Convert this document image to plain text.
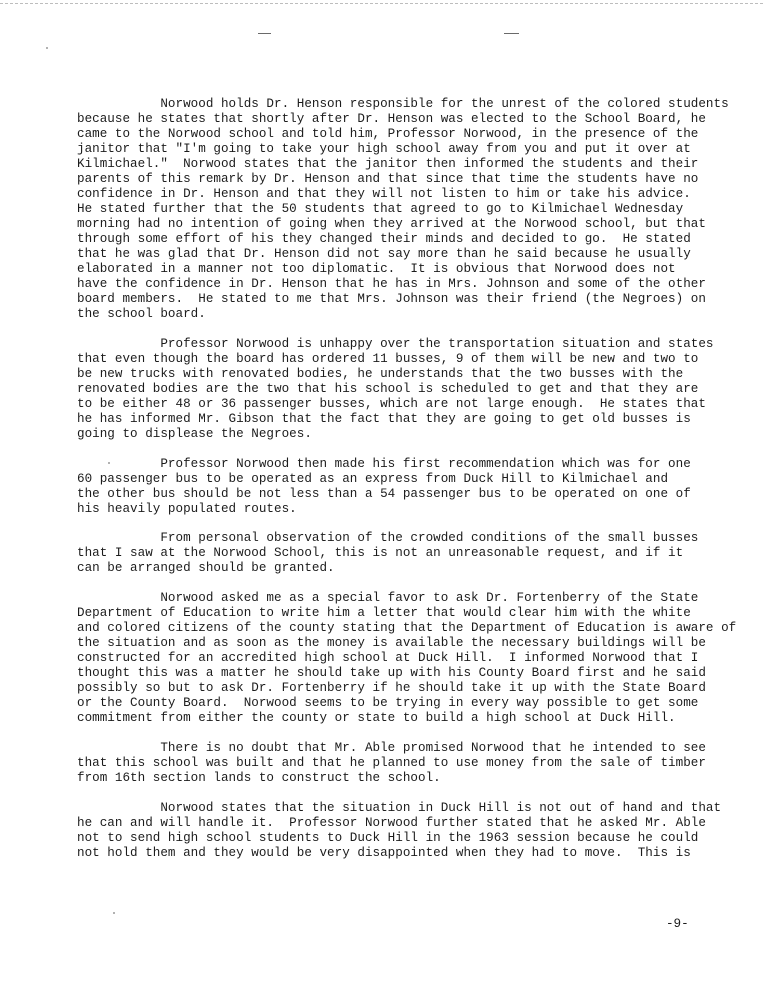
Norwood holds Dr. Henson responsible for the unrest of the colored students
because he states that shortly after Dr. Henson was elected to the School Board, he
came to the Norwood school and told him, Professor Norwood, in the presence of the
janitor that "I'm going to take your high school away from you and put it over at
Kilmichael."  Norwood states that the janitor then informed the students and their
parents of this remark by Dr. Henson and that since that time the students have no
confidence in Dr. Henson and that they will not listen to him or take his advice.
He stated further that the 50 students that agreed to go to Kilmichael Wednesday
morning had no intention of going when they arrived at the Norwood school, but that
through some effort of his they changed their minds and decided to go.  He stated
that he was glad that Dr. Henson did not say more than he said because he usually
elaborated in a manner not too diplomatic.  It is obvious that Norwood does not
have the confidence in Dr. Henson that he has in Mrs. Johnson and some of the other
board members.  He stated to me that Mrs. Johnson was their friend (the Negroes) on
the school board.

Professor Norwood is unhappy over the transportation situation and states
that even though the board has ordered 11 busses, 9 of them will be new and two to
be new trucks with renovated bodies, he understands that the two busses with the
renovated bodies are the two that his school is scheduled to get and that they are
to be either 48 or 36 passenger busses, which are not large enough.  He states that
he has informed Mr. Gibson that the fact that they are going to get old busses is
going to displease the Negroes.

Professor Norwood then made his first recommendation which was for one
60 passenger bus to be operated as an express from Duck Hill to Kilmichael and
the other bus should be not less than a 54 passenger bus to be operated on one of
his heavily populated routes.

From personal observation of the crowded conditions of the small busses
that I saw at the Norwood School, this is not an unreasonable request, and if it
can be arranged should be granted.

Norwood asked me as a special favor to ask Dr. Fortenberry of the State
Department of Education to write him a letter that would clear him with the white
and colored citizens of the county stating that the Department of Education is aware of
the situation and as soon as the money is available the necessary buildings will be
constructed for an accredited high school at Duck Hill.  I informed Norwood that I
thought this was a matter he should take up with his County Board first and he said
possibly so but to ask Dr. Fortenberry if he should take it up with the State Board
or the County Board.  Norwood seems to be trying in every way possible to get some
commitment from either the county or state to build a high school at Duck Hill.

There is no doubt that Mr. Able promised Norwood that he intended to see
that this school was built and that he planned to use money from the sale of timber
from 16th section lands to construct the school.

Norwood states that the situation in Duck Hill is not out of hand and that
he can and will handle it.  Professor Norwood further stated that he asked Mr. Able
not to send high school students to Duck Hill in the 1963 session because he could
not hold them and they would be very disappointed when they had to move.  This is

-9-
